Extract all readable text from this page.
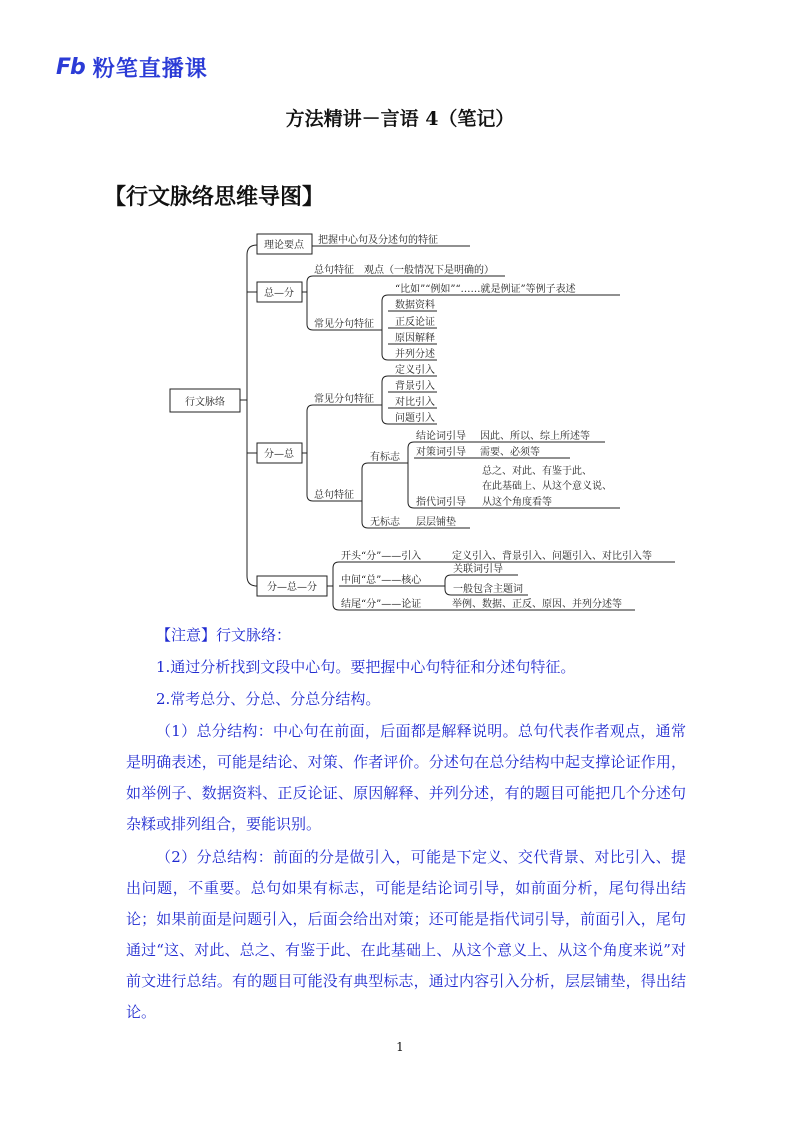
Fb 粉笔直播课
方法精讲－言语 4（笔记）
【行文脉络思维导图】
行文脉络
理论要点 把握中心句及分述句的特征
总—分
总句特征　观点（一般情况下是明确的）
常见分句特征
“比如”“例如”“……就是例证”等例子表述
数据资料
正反论证
原因解释
并列分述
分—总
常见分句特征
定义引入
背景引入
对比引入
问题引入
总句特征
有标志
结论词引导 因此、所以、综上所述等
对策词引导 需要、必须等
指代词引导
总之、对此、有鉴于此、
在此基础上、从这个意义说、
从这个角度看等
无标志 层层铺垫
分—总—分
开头“分”——引入	定义引入、背景引入、问题引入、对比引入等
中间“总”——核心
关联词引导
一般包含主题词
结尾“分”——论证	举例、数据、正反、原因、并列分述等

【注意】行文脉络：

1.通过分析找到文段中心句。要把握中心句特征和分述句特征。

2.常考总分、分总、分总分结构。

（1）总分结构：中心句在前面，后面都是解释说明。总句代表作者观点，通常是明确表述，可能是结论、对策、作者评价。分述句在总分结构中起支撑论证作用，如举例子、数据资料、正反论证、原因解释、并列分述，有的题目可能把几个分述句杂糅或排列组合，要能识别。

（2）分总结构：前面的分是做引入，可能是下定义、交代背景、对比引入、提出问题，不重要。总句如果有标志，可能是结论词引导，如前面分析，尾句得出结论；如果前面是问题引入，后面会给出对策；还可能是指代词引导，前面引入，尾句通过“这、对此、总之、有鉴于此、在此基础上、从这个意义上、从这个角度来说”对前文进行总结。有的题目可能没有典型标志，通过内容引入分析，层层铺垫，得出结论。

1
